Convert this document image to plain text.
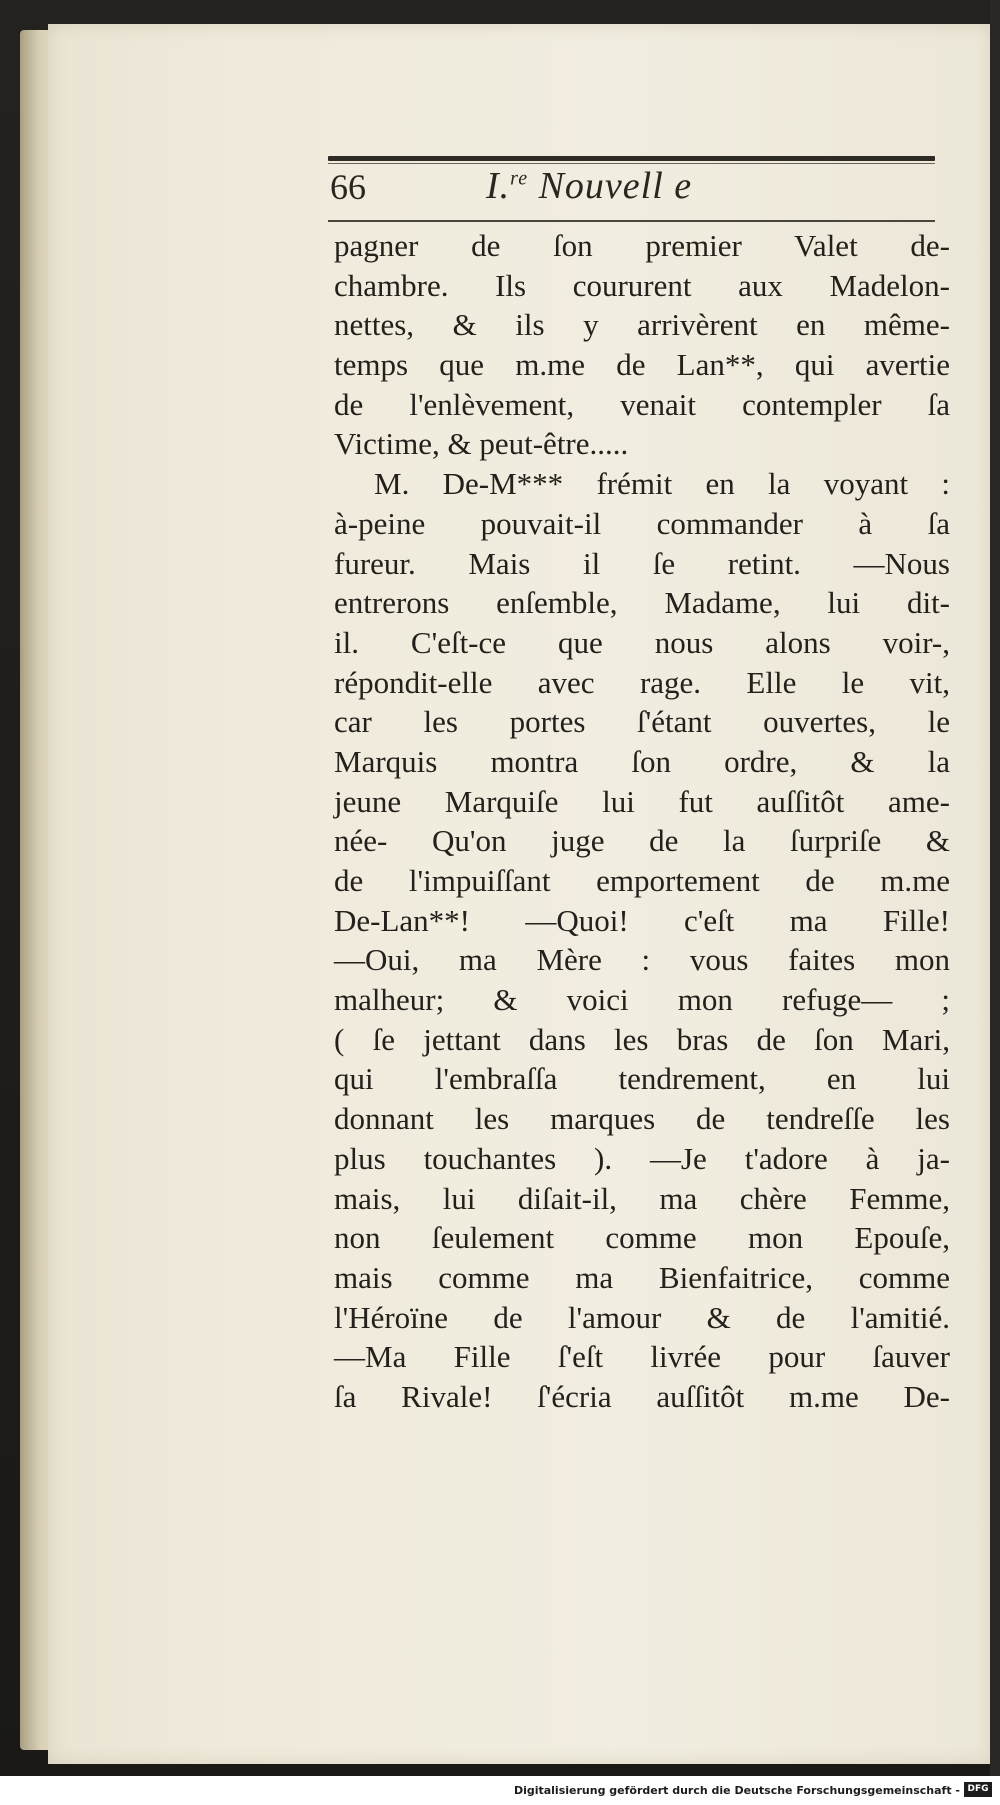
66	I.$^{re}$ Nouvell e
pagner de ſon premier Valet de-
chambre. Ils coururent aux Madelon-
nettes, & ils y arrivèrent en même-
temps que m.me de Lan**, qui avertie
de l'enlèvement, venait contempler ſa
Victime, & peut-être.....
M. De-M*** frémit en la voyant :
à-peine pouvait-il commander à ſa
fureur. Mais il ſe retint. —Nous
entrerons enſemble, Madame, lui dit-
il. C'eſt-ce que nous alons voir-,
répondit-elle avec rage. Elle le vit,
car les portes ſ'étant ouvertes, le
Marquis montra ſon ordre, & la
jeune Marquiſe lui fut auſſitôt ame-
née- Qu'on juge de la ſurpriſe &
de l'impuiſſant emportement de m.me
De-Lan**! —Quoi! c'eſt ma Fille!
—Oui, ma Mère : vous faites mon
malheur; & voici mon refuge— ;
( ſe jettant dans les bras de ſon Mari,
qui l'embraſſa tendrement, en lui
donnant les marques de tendreſſe les
plus touchantes ). —Je t'adore à ja-
mais, lui diſait-il, ma chère Femme,
non ſeulement comme mon Epouſe,
mais comme ma Bienfaitrice, comme
l'Héroïne de l'amour & de l'amitié.
—Ma Fille ſ'eſt livrée pour ſauver
ſa Rivale! ſ'écria auſſitôt m.me De-
Digitalisierung gefördert durch die Deutsche Forschungsgemeinschaft - DFG
